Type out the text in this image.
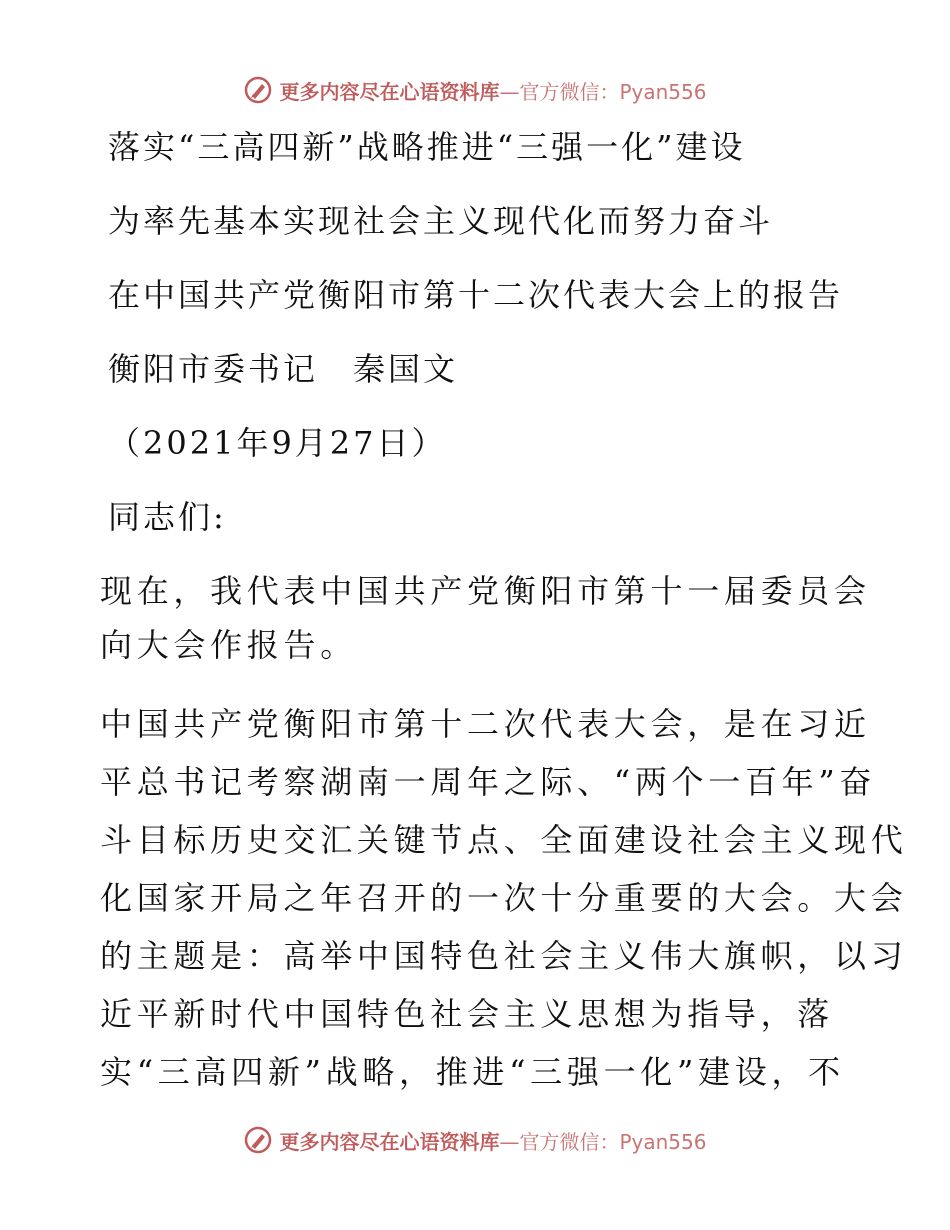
更多内容尽在心语资料库 —官方微信：Pyan556
落实“三高四新”战略推进“三强一化”建设
为率先基本实现社会主义现代化而努力奋斗
在中国共产党衡阳市第十二次代表大会上的报告
衡阳市委书记　秦国文
（2021年9月27日）
同志们:
现在，我代表中国共产党衡阳市第十一届委员会
向大会作报告。
中国共产党衡阳市第十二次代表大会，是在习近
平总书记考察湖南一周年之际、“两个一百年”奋
斗目标历史交汇关键节点、全面建设社会主义现代
化国家开局之年召开的一次十分重要的大会。大会
的主题是：高举中国特色社会主义伟大旗帜，以习
近平新时代中国特色社会主义思想为指导，落
实“三高四新”战略，推进“三强一化”建设，不
更多内容尽在心语资料库 —官方微信：Pyan556
